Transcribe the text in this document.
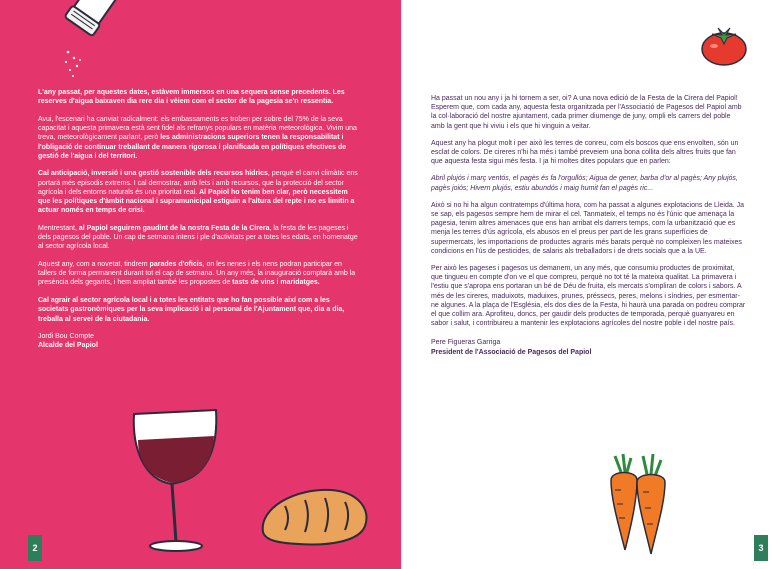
L'any passat, per aquestes dates, estàvem immersos en una sequera sense precedents. Les reserves d'aigua baixaven dia rere dia i vèiem com el sector de la pagesia se'n ressentia.

Avui, l'escenari ha canviat radicalment: els embassaments es troben per sobre del 75% de la seva capacitat i aquesta primavera està sent fidel als refranys populars en matèria meteorològica. Vivim una treva, meteorològicament parlant, però les administracions superiors tenen la responsabilitat i l'obligació de continuar treballant de manera rigorosa i planificada en polítiques efectives de gestió de l'aigua i del territori.

Cal anticipació, inversió i una gestió sostenible dels recursos hídrics, perquè el canvi climàtic ens portarà més episodis extrems. I cal demostrar, amb fets i amb recursos, que la protecció del sector agrícola i dels entorns naturals és una prioritat real. Al Papiol ho tenim ben clar, però necessitem que les polítiques d'àmbit nacional i supramunicipal estiguin a l'altura del repte i no es limitin a actuar només en temps de crisi.

Mentrestant, al Papiol seguirem gaudint de la nostra Festa de la Cirera, la festa de les pageses i dels pagesos del poble. Un cap de setmana intens i ple d'activitats per a totes les edats, en homenatge al sector agrícola local.

Aquest any, com a novetat, tindrem parades d'oficis, on les nenes i els nens podran participar en tallers de forma permanent durant tot el cap de setmana. Un any més, la inauguració comptarà amb la presència dels gegants, i hem ampliat també les propostes de tasts de vins i maridatges.

Cal agrair al sector agrícola local i a totes les entitats que ho fan possible així com a les societats gastronòmiques per la seva implicació i al personal de l'Ajuntament que, dia a dia, treballa al servei de la ciutadania.

Jordi Bou Compte
Alcalde del Papiol
2

Ha passat un nou any i ja hi tornem a ser, oi? A una nova edició de la Festa de la Cirera del Papiol! Esperem que, com cada any, aquesta festa organitzada per l'Associació de Pagesos del Papiol amb la col·laboració del nostre ajuntament, cada primer diumenge de juny, ompli els carrers del poble amb la gent que hi viviu i els que hi vinguin a veitar.

Aquest any ha plogut molt i per això les terres de conreu, com els boscos que ens envolten, són un esclat de colors. De cireres n'hi ha més i també preveiem una bona collita dels altres fruits que fan que aquesta festa sigui més festa. I ja hi moltes dites populars que en parlen:

Abril plujós i març ventós, el pagès és fa l'orgullós; Aigua de gener, barba d'or al pagès; Any plujós, pagès joiós; Hivern plujós, estiu abundós i maig humit fan el pagès ric...

Això si no hi ha algun contratemps d'última hora, com ha passat a algunes explotacions de Lleida. Ja se sap, els pagesos sempre hem de mirar el cel. Tanmateix, el temps no és l'únic que amenaça la pagesia, tenim altres amenaces que ens han arribat els darrers temps, com la urbanització que es menja les terres d'ús agrícola, els abusos en el preus per part de les grans superfícies de supermercats, les importacions de productes agraris més barats perquè no compleixen les mateixes condicions en l'ús de pesticides, de salaris als treballadors i de drets socials que a la UE.

Per això les pageses i pagesos us demanem, un any més, que consumiu productes de proximitat, que tingueu en compte d'on ve el que compreu, perquè no tot té la mateixa qualitat. La primavera i l'estiu que s'apropa ens portaran un bé de Déu de fruita, els mercats s'ompliran de colors i sabors. A més de les cireres, maduixots, maduixes, prunes, préssecs, peres, melons i síndries, per esmentar-ne algunes. A la plaça de l'Església, els dos dies de la Festa, hi haurà una parada on podreu comprar el que collim ara. Aprofiteu, doncs, per gaudir dels productes de temporada, perquè guanyareu en sabor i salut, i contribuireu a mantenir les explotacions agrícoles del nostre poble i del nostre país.

Pere Figueras Garriga
President de l'Associació de Pagesos del Papiol
3
